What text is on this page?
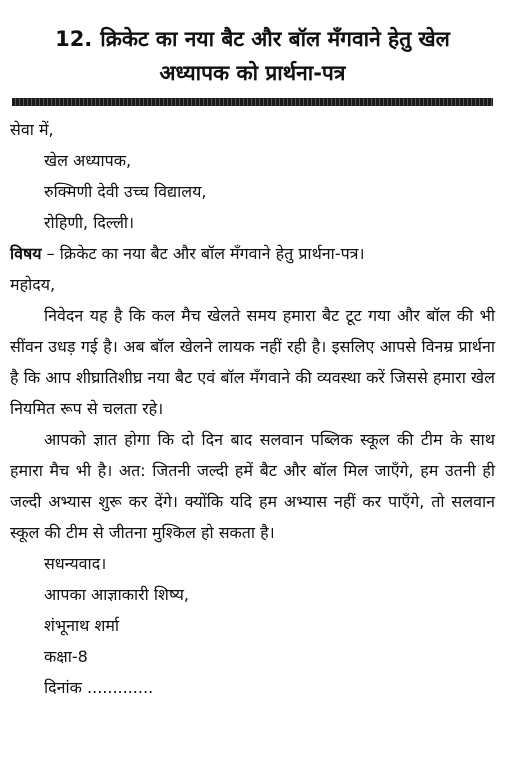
12. क्रिकेट का नया बैट और बॉल मँगवाने हेतु खेल
अध्यापक को प्रार्थना-पत्र
सेवा में,
खेल अध्यापक,
रुक्मिणी देवी उच्च विद्यालय,
रोहिणी, दिल्ली।
विषय – क्रिकेट का नया बैट और बॉल मँगवाने हेतु प्रार्थना-पत्र।
महोदय,

निवेदन यह है कि कल मैच खेलते समय हमारा बैट टूट गया और बॉल की भी सींवन उधड़ गई है। अब बॉल खेलने लायक नहीं रही है। इसलिए आपसे विनम्र प्रार्थना है कि आप शीघ्रातिशीघ्र नया बैट एवं बॉल मँगवाने की व्यवस्था करें जिससे हमारा खेल नियमित रूप से चलता रहे।

आपको ज्ञात होगा कि दो दिन बाद सलवान पब्लिक स्कूल की टीम के साथ हमारा मैच भी है। अत: जितनी जल्दी हमें बैट और बॉल मिल जाएँगे, हम उतनी ही जल्दी अभ्यास शुरू कर देंगे। क्योंकि यदि हम अभ्यास नहीं कर पाएँगे, तो सलवान स्कूल की टीम से जीतना मुश्किल हो सकता है।

सधन्यवाद।
आपका आज्ञाकारी शिष्य,
शंभूनाथ शर्मा
कक्षा-8
दिनांक .............
